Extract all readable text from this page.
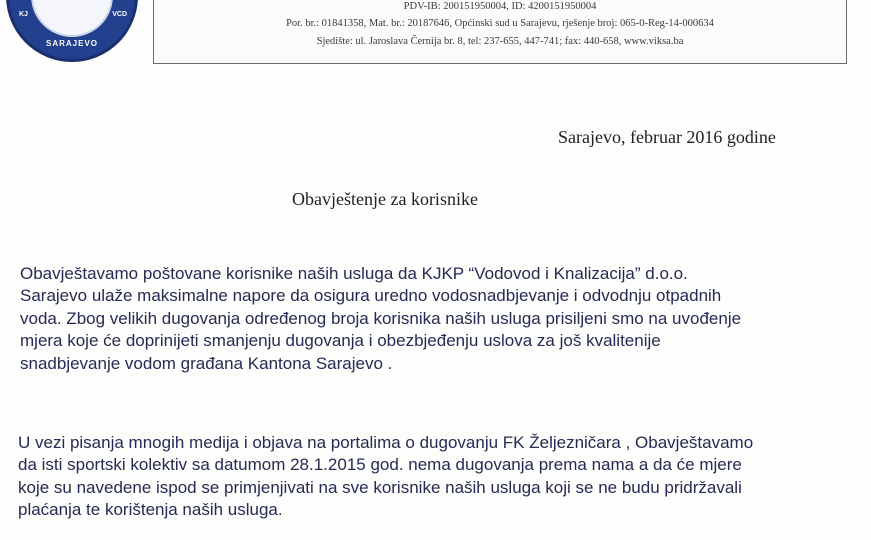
KJ	VCD
SARAJEVO
PDV-IB: 200151950004, ID: 4200151950004
Por. br.: 01841358, Mat. br.: 20187646, Općinski sud u Sarajevu, rješenje broj: 065-0-Reg-14-000634
Sjedište: ul. Jaroslava Černija br. 8, tel: 237-655, 447-741; fax: 440-658, www.viksa.ba
Sarajevo, februar 2016 godine
Obavještenje za korisnike

Obavještavamo poštovane korisnike naših usluga da KJKP “Vodovod i Knalizacija” d.o.o.
Sarajevo ulaže maksimalne napore da osigura uredno vodosnadbjevanje i odvodnju otpadnih
voda. Zbog velikih dugovanja određenog broja korisnika naših usluga prisiljeni smo na uvođenje
mjera koje će doprinijeti smanjenju dugovanja i obezbjeđenju uslova za još kvalitenije
snadbjevanje vodom građana Kantona Sarajevo .

U vezi pisanja mnogih medija i objava na portalima o dugovanju FK Željezničara , Obavještavamo
da isti sportski kolektiv sa datumom 28.1.2015 god. nema dugovanja prema nama a da će mjere
koje su navedene ispod se primjenjivati na sve korisnike naših usluga koji se ne budu pridržavali
plaćanja te korištenja naših usluga.
